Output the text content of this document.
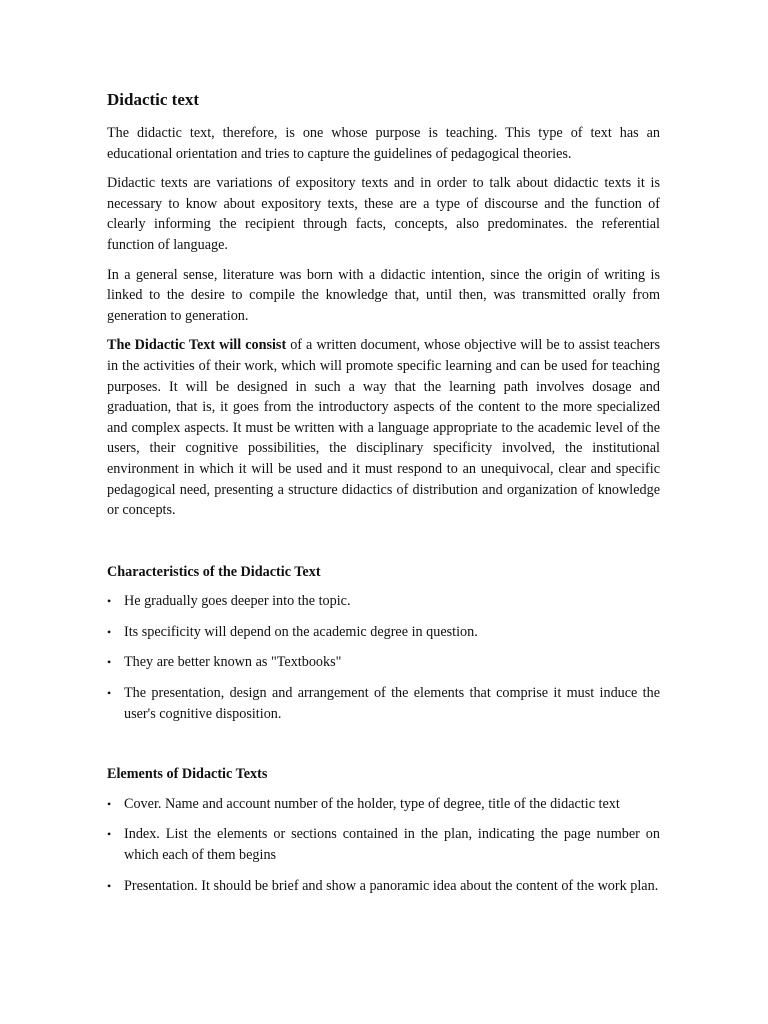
Didactic text

The didactic text, therefore, is one whose purpose is teaching. This type of text has an educational orientation and tries to capture the guidelines of pedagogical theories.

Didactic texts are variations of expository texts and in order to talk about didactic texts it is necessary to know about expository texts, these are a type of discourse and the function of clearly informing the recipient through facts, concepts, also predominates. the referential function of language.

In a general sense, literature was born with a didactic intention, since the origin of writing is linked to the desire to compile the knowledge that, until then, was transmitted orally from generation to generation.

The Didactic Text will consist of a written document, whose objective will be to assist teachers in the activities of their work, which will promote specific learning and can be used for teaching purposes. It will be designed in such a way that the learning path involves dosage and graduation, that is, it goes from the introductory aspects of the content to the more specialized and complex aspects. It must be written with a language appropriate to the academic level of the users, their cognitive possibilities, the disciplinary specificity involved, the institutional environment in which it will be used and it must respond to an unequivocal, clear and specific pedagogical need, presenting a structure didactics of distribution and organization of knowledge or concepts.

Characteristics of the Didactic Text
• He gradually goes deeper into the topic.
• Its specificity will depend on the academic degree in question.
• They are better known as "Textbooks"
• The presentation, design and arrangement of the elements that comprise it must induce the user's cognitive disposition.
Elements of Didactic Texts
• Cover. Name and account number of the holder, type of degree, title of the didactic text
• Index. List the elements or sections contained in the plan, indicating the page number on which each of them begins
• Presentation. It should be brief and show a panoramic idea about the content of the work plan.
